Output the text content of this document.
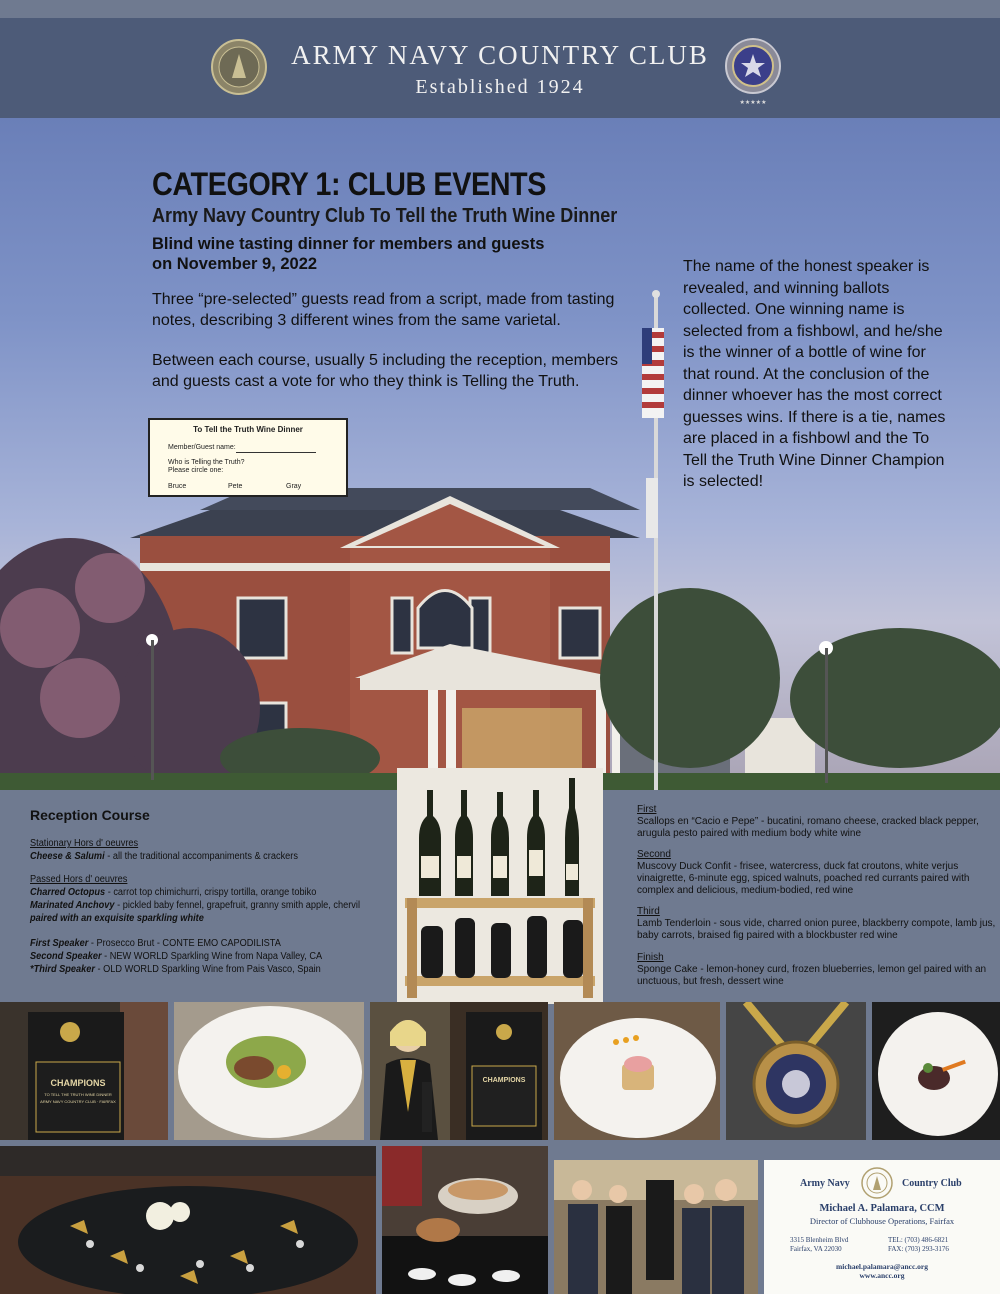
ARMY NAVY COUNTRY CLUB
Established 1924
★★★★★
CATEGORY 1: CLUB EVENTS
Army Navy Country Club To Tell the Truth Wine Dinner
Blind wine tasting dinner for members and guests
on November 9, 2022
Three “pre-selected” guests read from a script, made from tasting notes, describing 3 different wines from the same varietal.
Between each course, usually 5 including the reception, members and guests cast a vote for who they think is Telling the Truth.
The name of the honest speaker is revealed, and winning ballots collected. One winning name is selected from a fishbowl, and he/she is the winner of a bottle of wine for that round. At the conclusion of the dinner whoever has the most correct guesses wins. If there is a tie, names are placed in a fishbowl and the To Tell the Truth Wine Dinner Champion is selected!
To Tell the Truth Wine Dinner
Member/Guest name:
Who is Telling the Truth?
Please circle one:
Bruce	Pete	Gray
Reception Course
Stationary Hors d' oeuvres
Cheese & Salumi - all the traditional accompaniments & crackers
Passed Hors d' oeuvres
Charred Octopus - carrot top chimichurri, crispy tortilla, orange tobiko
Marinated Anchovy - pickled baby fennel, grapefruit, granny smith apple, chervil
paired with an exquisite sparkling white
First Speaker - Prosecco Brut - CONTE EMO CAPODILISTA
Second Speaker - NEW WORLD Sparkling Wine from Napa Valley, CA
*Third Speaker - OLD WORLD Sparkling Wine from Pais Vasco, Spain
First
Scallops en “Cacio e Pepe” - bucatini, romano cheese, cracked black pepper, arugula pesto paired with medium body white wine
Second
Muscovy Duck Confit - frisee, watercress, duck fat croutons, white verjus vinaigrette, 6-minute egg, spiced walnuts, poached red currants paired with complex and delicious, medium-bodied, red wine
Third
Lamb Tenderloin - sous vide, charred onion puree, blackberry compote, lamb jus, baby carrots, braised fig paired with a blockbuster red wine
Finish
Sponge Cake - lemon-honey curd, frozen blueberries, lemon gel paired with an unctuous, but fresh, dessert wine
CHAMPIONS
TO TELL THE TRUTH WINE DINNER
ARMY NAVY COUNTRY CLUB · FAIRFAX
CHAMPIONS
Army Navy	Country Club
Michael A. Palamara, CCM
Director of Clubhouse Operations, Fairfax
3315 Blenheim Blvd
Fairfax, VA 22030
TEL: (703) 486-6821
FAX: (703) 293-3176
michael.palamara@ancc.org
www.ancc.org
